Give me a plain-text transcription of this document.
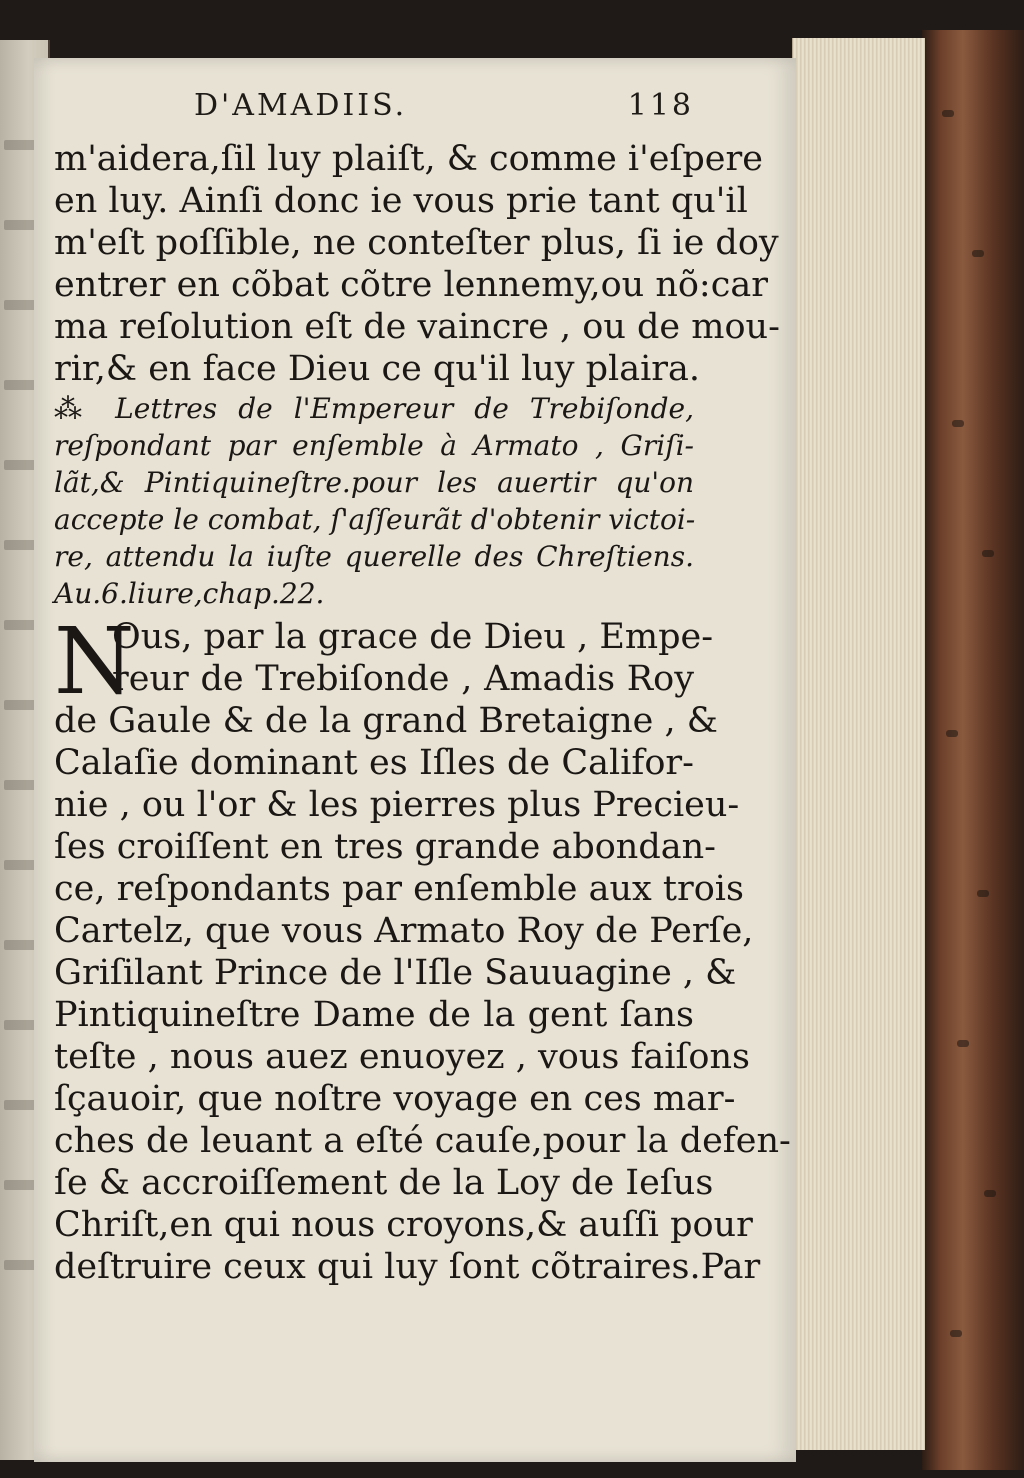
D'AMADIIS.	118
m'aidera,ſil luy plaiſt, & comme i'eſpere
en luy. Ainſi donc ie vous prie tant qu'il
m'eſt poſſible, ne conteſter plus, ſi ie doy
entrer en cõbat cõtre lennemy,ou nõ:car
ma reſolution eſt de vaincre , ou de mou-
rir,& en face Dieu ce qu'il luy plaira.
⁂ Lettres de l'Empereur de Trebiſonde,
reſpondant par enſemble à Armato , Griſi-
lãt,& Pintiquineſtre.pour les auertir qu'on
accepte le combat, ſ'aſſeurãt d'obtenir victoi-
re, attendu la iuſte querelle des Chreſtiens.
Au.6.liure,chap.22.
N
Ous, par la grace de Dieu , Empe-
reur de Trebiſonde , Amadis Roy
de Gaule & de la grand Bretaigne , &
Calaſie dominant es Iſles de Califor-
nie , ou l'or & les pierres plus Precieu-
ſes croiſſent en tres grande abondan-
ce, reſpondants par enſemble aux trois
Cartelz, que vous Armato Roy de Perſe,
Griſilant Prince de l'Iſle Sauuagine , &
Pintiquineſtre Dame de la gent ſans
teſte , nous auez enuoyez , vous faiſons
ſçauoir, que noſtre voyage en ces mar-
ches de leuant a eſté cauſe,pour la defen-
ſe & accroiſſement de la Loy de Ieſus
Chriſt,en qui nous croyons,& auſſi pour
deſtruire ceux qui luy ſont cõtraires.Par
